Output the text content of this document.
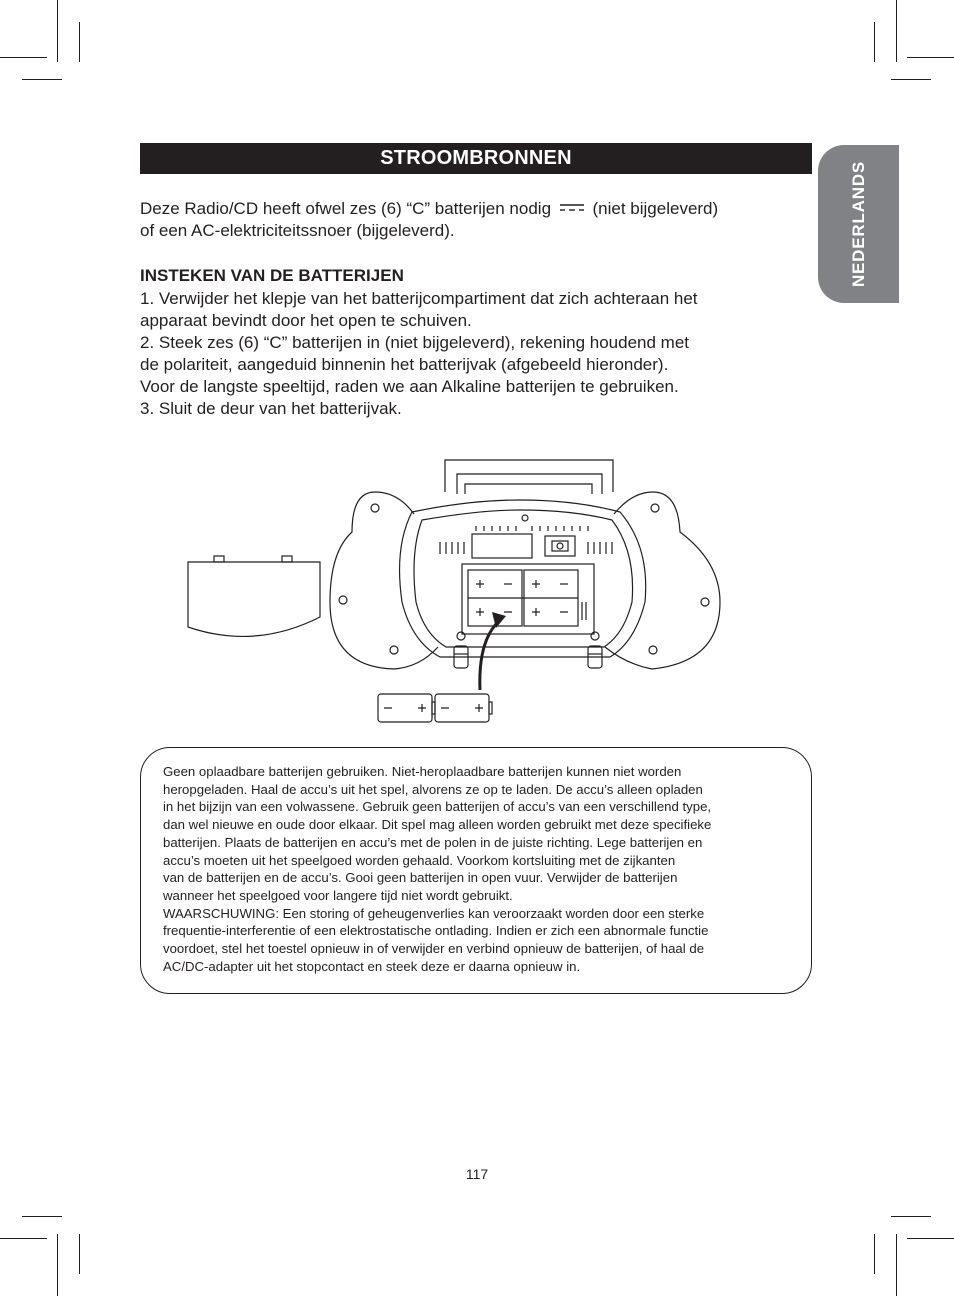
STROOMBRONNEN
NEDERLANDS
Deze Radio/CD heeft ofwel zes (6) “C” batterijen nodig (niet bijgeleverd)
of een AC-elektriciteitssnoer (bijgeleverd).
INSTEKEN VAN DE BATTERIJEN
1. Verwijder het klepje van het batterijcompartiment dat zich achteraan het
apparaat bevindt door het open te schuiven.
2. Steek zes (6) “C” batterijen in (niet bijgeleverd), rekening houdend met
de polariteit, aangeduid binnenin het batterijvak (afgebeeld hieronder).
Voor de langste speeltijd, raden we aan Alkaline batterijen te gebruiken.
3. Sluit de deur van het batterijvak.
Geen oplaadbare batterijen gebruiken. Niet-heroplaadbare batterijen kunnen niet worden
heropgeladen. Haal de accu’s uit het spel, alvorens ze op te laden. De accu’s alleen opladen
in het bijzijn van een volwassene. Gebruik geen batterijen of accu’s van een verschillend type,
dan wel nieuwe en oude door elkaar. Dit spel mag alleen worden gebruikt met deze specifieke
batterijen. Plaats de batterijen en accu’s met de polen in de juiste richting. Lege batterijen en
accu’s moeten uit het speelgoed worden gehaald. Voorkom kortsluiting met de zijkanten
van de batterijen en de accu’s. Gooi geen batterijen in open vuur. Verwijder de batterijen
wanneer het speelgoed voor langere tijd niet wordt gebruikt.
WAARSCHUWING: Een storing of geheugenverlies kan veroorzaakt worden door een sterke
frequentie-interferentie of een elektrostatische ontlading. Indien er zich een abnormale functie
voordoet, stel het toestel opnieuw in of verwijder en verbind opnieuw de batterijen, of haal de
AC/DC-adapter uit het stopcontact en steek deze er daarna opnieuw in.
117
